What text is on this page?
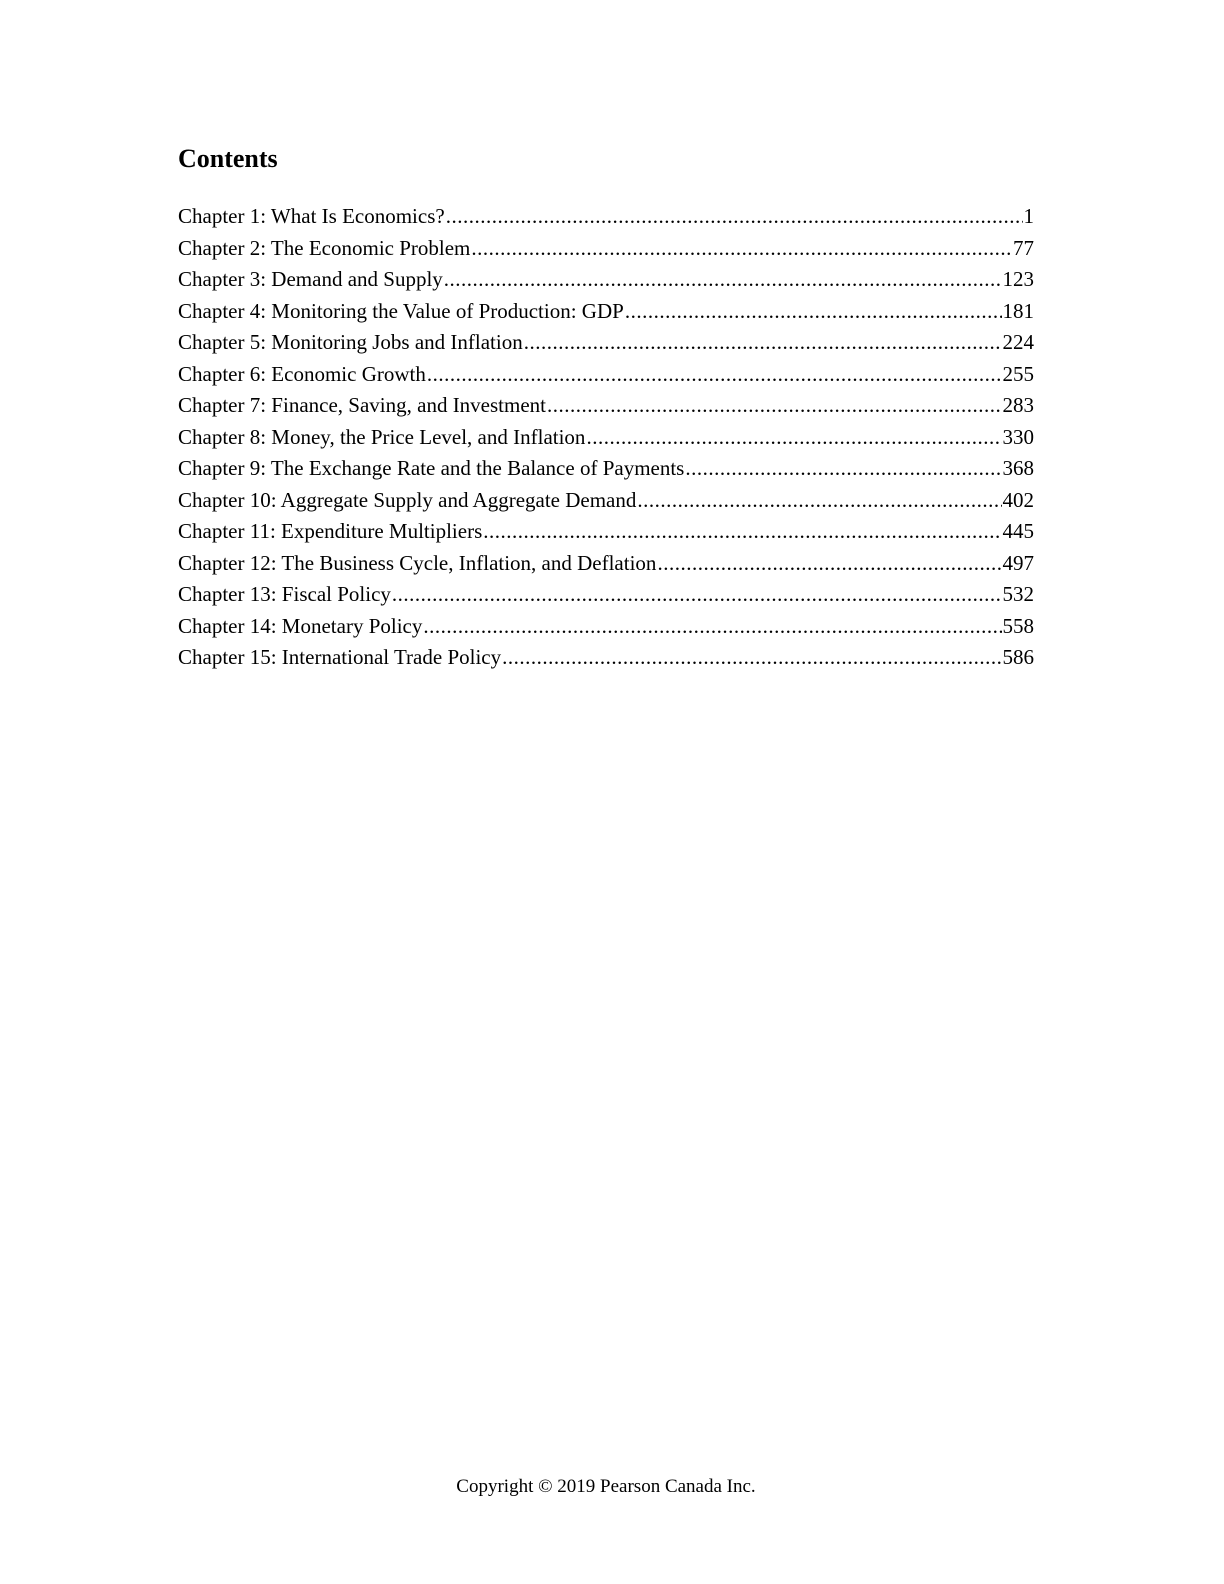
Contents
Chapter 1: What Is Economics? .....	1
Chapter 2: The Economic Problem .....	77
Chapter 3: Demand and Supply .....	123
Chapter 4: Monitoring the Value of Production: GDP .....	181
Chapter 5: Monitoring Jobs and Inflation .....	224
Chapter 6: Economic Growth .....	255
Chapter 7: Finance, Saving, and Investment .....	283
Chapter 8: Money, the Price Level, and Inflation .....	330
Chapter 9: The Exchange Rate and the Balance of Payments .....	368
Chapter 10: Aggregate Supply and Aggregate Demand .....	402
Chapter 11: Expenditure Multipliers .....	445
Chapter 12: The Business Cycle, Inflation, and Deflation .....	497
Chapter 13: Fiscal Policy .....	532
Chapter 14: Monetary Policy .....	558
Chapter 15: International Trade Policy .....	586
Copyright © 2019 Pearson Canada Inc.
